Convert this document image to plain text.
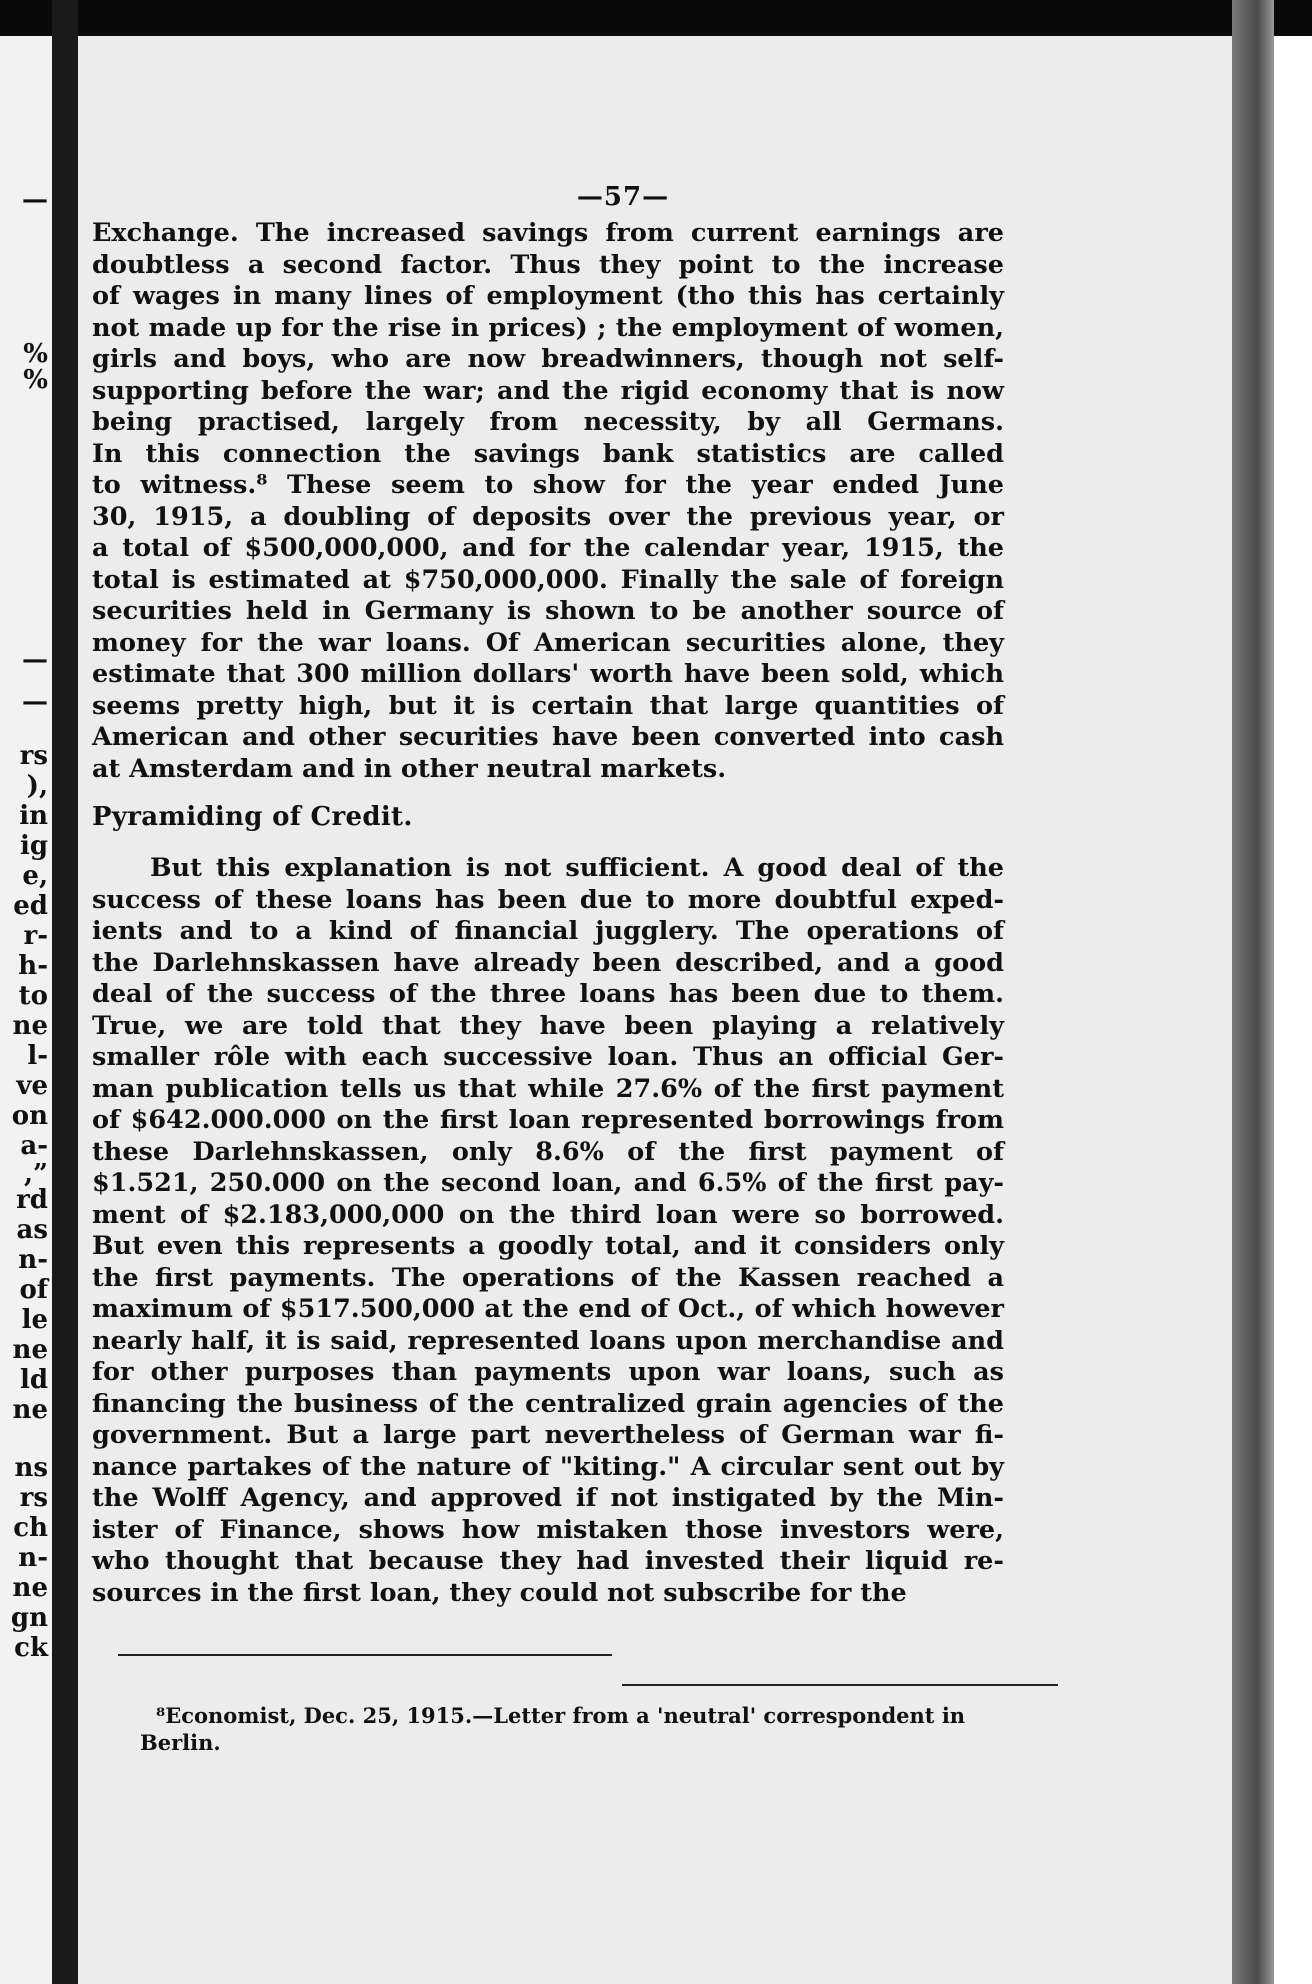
—
%
%
—
—
rs
),
in
ig
e,
ed
r-
h-
to
ne
l-
ve
on
a-
,”
rd
as
n-
of
le
ne
ld
ne
ns
rs
ch
n-
ne
gn
ck
—57—
Exchange. The increased savings from current earnings are
doubtless a second factor. Thus they point to the increase
of wages in many lines of employment (tho this has certainly
not made up for the rise in prices) ; the employment of women,
girls and boys, who are now breadwinners, though not self-
supporting before the war; and the rigid economy that is now
being practised, largely from necessity, by all Germans.
In this connection the savings bank statistics are called
to witness.⁸ These seem to show for the year ended June
30, 1915, a doubling of deposits over the previous year, or
a total of $500,000,000, and for the calendar year, 1915, the
total is estimated at $750,000,000. Finally the sale of foreign
securities held in Germany is shown to be another source of
money for the war loans. Of American securities alone, they
estimate that 300 million dollars' worth have been sold, which
seems pretty high, but it is certain that large quantities of
American and other securities have been converted into cash
at Amsterdam and in other neutral markets.
Pyramiding of Credit.
But this explanation is not sufficient. A good deal of the
success of these loans has been due to more doubtful exped-
ients and to a kind of financial jugglery. The operations of
the Darlehnskassen have already been described, and a good
deal of the success of the three loans has been due to them.
True, we are told that they have been playing a relatively
smaller rôle with each successive loan. Thus an official Ger-
man publication tells us that while 27.6% of the first payment
of $642.000.000 on the first loan represented borrowings from
these Darlehnskassen, only 8.6% of the first payment of
$1.521, 250.000 on the second loan, and 6.5% of the first pay-
ment of $2.183,000,000 on the third loan were so borrowed.
But even this represents a goodly total, and it considers only
the first payments. The operations of the Kassen reached a
maximum of $517.500,000 at the end of Oct., of which however
nearly half, it is said, represented loans upon merchandise and
for other purposes than payments upon war loans, such as
financing the business of the centralized grain agencies of the
government. But a large part nevertheless of German war fi-
nance partakes of the nature of "kiting." A circular sent out by
the Wolff Agency, and approved if not instigated by the Min-
ister of Finance, shows how mistaken those investors were,
who thought that because they had invested their liquid re-
sources in the first loan, they could not subscribe for the
⁸Economist, Dec. 25, 1915.—Letter from a 'neutral' correspondent in
Berlin.
